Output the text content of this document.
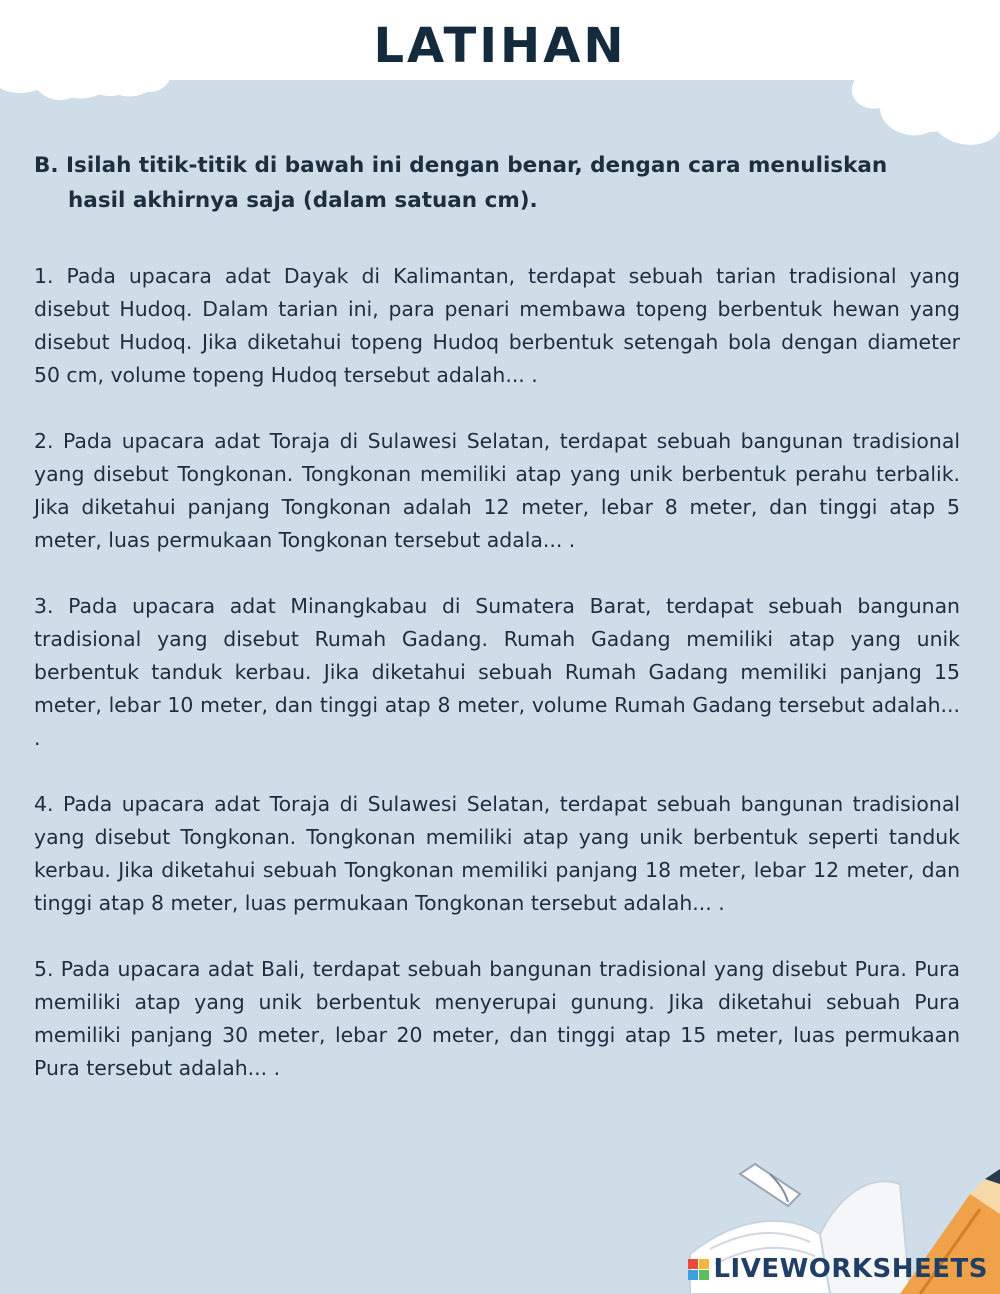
LATIHAN
B. Isilah titik-titik di bawah ini dengan benar, dengan cara menuliskan
hasil akhirnya saja (dalam satuan cm).

1. Pada upacara adat Dayak di Kalimantan, terdapat sebuah tarian tradisional yang disebut Hudoq. Dalam tarian ini, para penari membawa topeng berbentuk hewan yang disebut Hudoq. Jika diketahui topeng Hudoq berbentuk setengah bola dengan diameter 50 cm, volume topeng Hudoq tersebut adalah... .

2. Pada upacara adat Toraja di Sulawesi Selatan, terdapat sebuah bangunan tradisional yang disebut Tongkonan. Tongkonan memiliki atap yang unik berbentuk perahu terbalik. Jika diketahui panjang Tongkonan adalah 12 meter, lebar 8 meter, dan tinggi atap 5 meter, luas permukaan Tongkonan tersebut adala... .

3. Pada upacara adat Minangkabau di Sumatera Barat, terdapat sebuah bangunan tradisional yang disebut Rumah Gadang. Rumah Gadang memiliki atap yang unik berbentuk tanduk kerbau. Jika diketahui sebuah Rumah Gadang memiliki panjang 15 meter, lebar 10 meter, dan tinggi atap 8 meter, volume Rumah Gadang tersebut adalah... .

4. Pada upacara adat Toraja di Sulawesi Selatan, terdapat sebuah bangunan tradisional yang disebut Tongkonan. Tongkonan memiliki atap yang unik berbentuk seperti tanduk kerbau. Jika diketahui sebuah Tongkonan memiliki panjang 18 meter, lebar 12 meter, dan tinggi atap 8 meter, luas permukaan Tongkonan tersebut adalah... .

5. Pada upacara adat Bali, terdapat sebuah bangunan tradisional yang disebut Pura. Pura memiliki atap yang unik berbentuk menyerupai gunung. Jika diketahui sebuah Pura memiliki panjang 30 meter, lebar 20 meter, dan tinggi atap 15 meter, luas permukaan Pura tersebut adalah... .

LIVEWORKSHEETS
